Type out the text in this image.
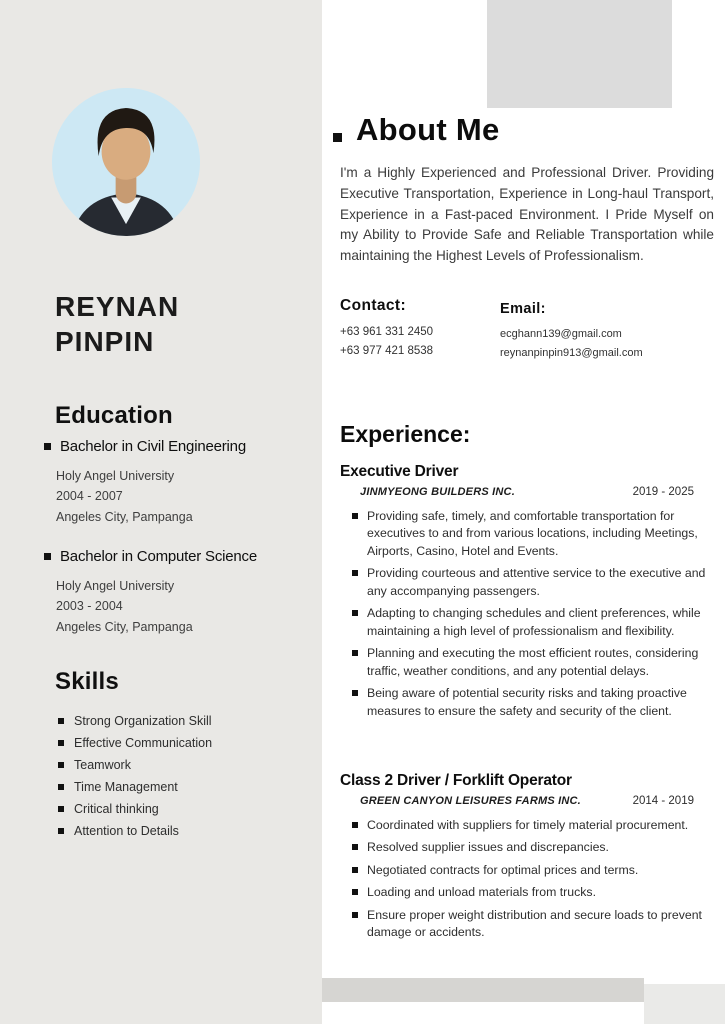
REYNAN
PINPIN
Education
Bachelor in Civil Engineering
Holy Angel University
2004 - 2007
Angeles City, Pampanga
Bachelor in Computer Science
Holy Angel University
2003 - 2004
Angeles City, Pampanga
Skills
Strong Organization Skill
Effective Communication
Teamwork
Time Management
Critical thinking
Attention to Details
About Me

I'm a Highly Experienced and Professional Driver. Providing Executive Transportation, Experience in Long-haul Transport, Experience in a Fast-paced Environment. I Pride Myself on my Ability to Provide Safe and Reliable Transportation while maintaining the Highest Levels of Professionalism.

Contact:
+63 961 331 2450
+63 977 421 8538
Email:
ecghann139@gmail.com
reynanpinpin913@gmail.com
Experience:
Executive Driver
JINMYEONG BUILDERS INC.	2019 - 2025

Providing safe, timely, and comfortable transportation for executives to and from various locations, including Meetings, Airports, Casino, Hotel and Events.

Providing courteous and attentive service to the executive and any accompanying passengers.

Adapting to changing schedules and client preferences, while maintaining a high level of professionalism and flexibility.

Planning and executing the most efficient routes, considering traffic, weather conditions, and any potential delays.

Being aware of potential security risks and taking proactive measures to ensure the safety and security of the client.

Class 2 Driver / Forklift Operator
GREEN CANYON LEISURES FARMS INC.	2014 - 2019

Coordinated with suppliers for timely material procurement.

Resolved supplier issues and discrepancies.

Negotiated contracts for optimal prices and terms.

Loading and unload materials from trucks.

Ensure proper weight distribution and secure loads to prevent damage or accidents.
